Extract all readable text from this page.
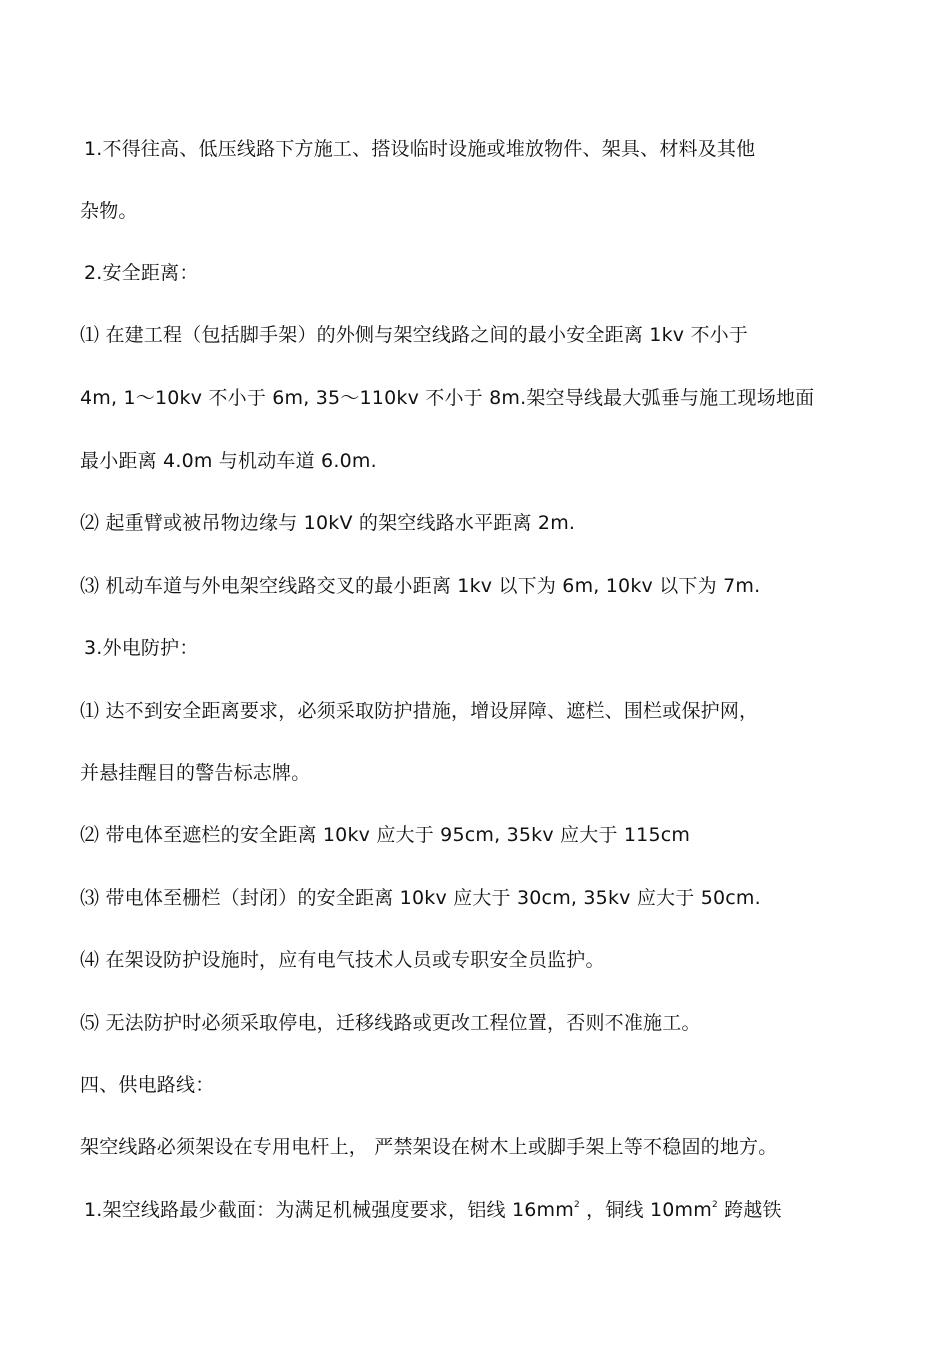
1.不得往高、低压线路下方施工、搭设临时设施或堆放物件、架具、材料及其他
杂物。
2.安全距离：
⑴ 在建工程（包括脚手架）的外侧与架空线路之间的最小安全距离 1kv 不小于
4m, 1～10kv 不小于 6m, 35～110kv 不小于 8m.架空导线最大弧垂与施工现场地面
最小距离 4.0m 与机动车道 6.0m.
⑵ 起重臂或被吊物边缘与 10kV 的架空线路水平距离 2m.
⑶ 机动车道与外电架空线路交叉的最小距离 1kv 以下为 6m, 10kv 以下为 7m.
3.外电防护：
⑴ 达不到安全距离要求，必须采取防护措施，增设屏障、遮栏、围栏或保护网，
并悬挂醒目的警告标志牌。
⑵ 带电体至遮栏的安全距离 10kv 应大于 95cm, 35kv 应大于 115cm
⑶ 带电体至栅栏（封闭）的安全距离 10kv 应大于 30cm, 35kv 应大于 50cm.
⑷ 在架设防护设施时，应有电气技术人员或专职安全员监护。
⑸ 无法防护时必须采取停电，迁移线路或更改工程位置，否则不准施工。
四、供电路线：
架空线路必须架设在专用电杆上， 严禁架设在树木上或脚手架上等不稳固的地方。
1.架空线路最少截面：为满足机械强度要求，铝线 $16mm^2$ ，铜线 $10mm^2$ 跨越铁
